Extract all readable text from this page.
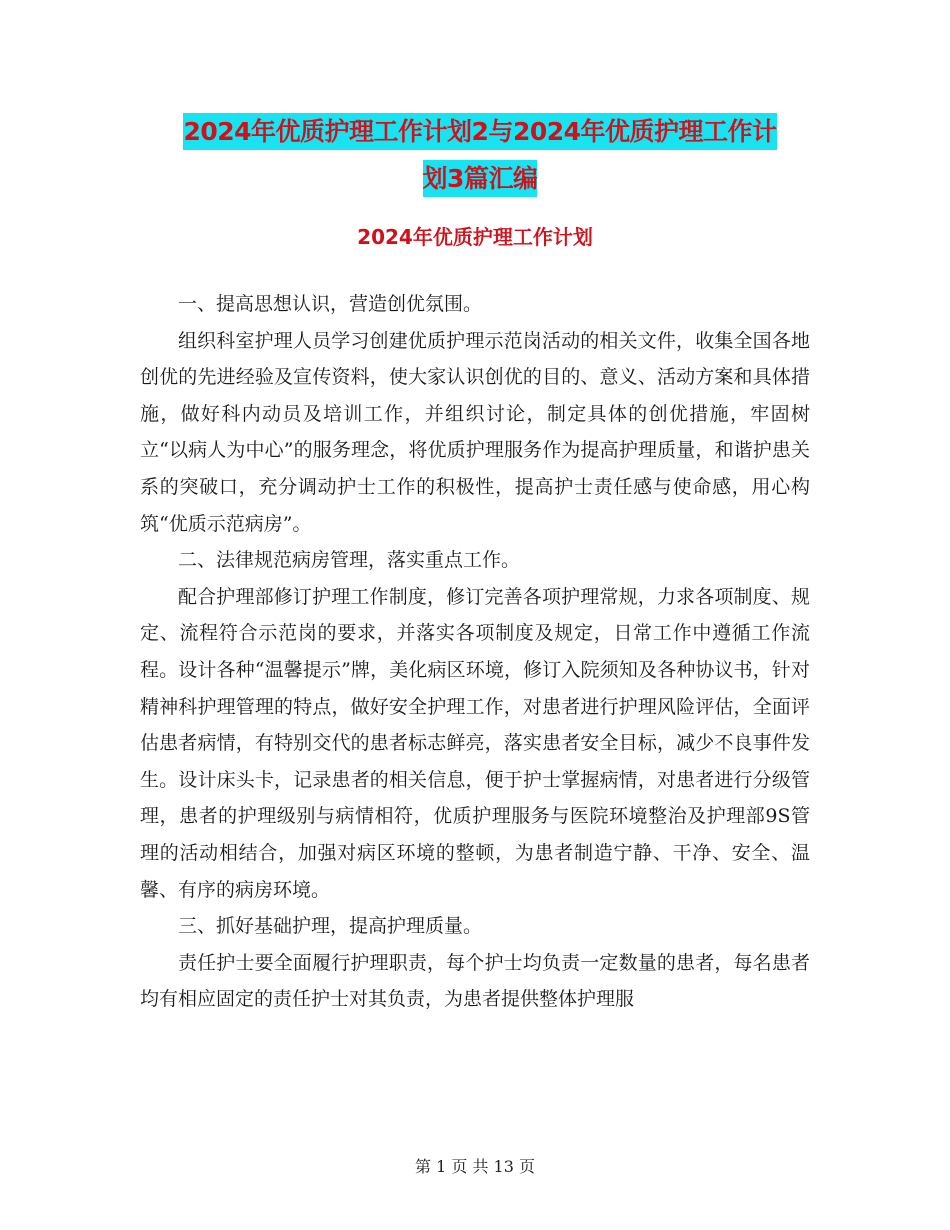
2024年优质护理工作计划2与2024年优质护理工作计
划3篇汇编
2024年优质护理工作计划

一、提高思想认识，营造创优氛围。

组织科室护理人员学习创建优质护理示范岗活动的相关文件，收集全国各地创优的先进经验及宣传资料，使大家认识创优的目的、意义、活动方案和具体措施，做好科内动员及培训工作，并组织讨论，制定具体的创优措施，牢固树立“以病人为中心”的服务理念，将优质护理服务作为提高护理质量，和谐护患关系的突破口，充分调动护士工作的积极性，提高护士责任感与使命感，用心构筑“优质示范病房”。

二、法律规范病房管理，落实重点工作。

配合护理部修订护理工作制度，修订完善各项护理常规，力求各项制度、规定、流程符合示范岗的要求，并落实各项制度及规定，日常工作中遵循工作流程。设计各种“温馨提示”牌，美化病区环境，修订入院须知及各种协议书，针对精神科护理管理的特点，做好安全护理工作，对患者进行护理风险评估，全面评估患者病情，有特别交代的患者标志鲜亮，落实患者安全目标，减少不良事件发生。设计床头卡，记录患者的相关信息，便于护士掌握病情，对患者进行分级管理，患者的护理级别与病情相符，优质护理服务与医院环境整治及护理部9S管理的活动相结合，加强对病区环境的整顿，为患者制造宁静、干净、安全、温馨、有序的病房环境。

三、抓好基础护理，提高护理质量。

责任护士要全面履行护理职责，每个护士均负责一定数量的患者，每名患者均有相应固定的责任护士对其负责，为患者提供整体护理服

第 1 页 共 13 页
